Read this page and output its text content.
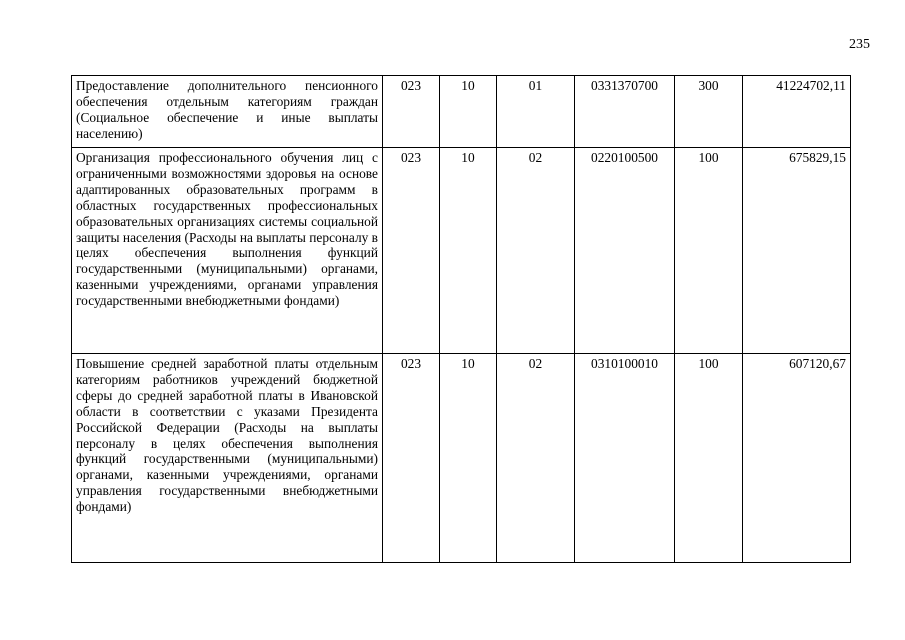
235
Предоставление дополнительного пенсионного обеспечения отдельным категориям граждан (Социальное обеспечение и иные выплаты населению)	023	10	01	0331370700	300	41224702,11
Организация профессионального обучения лиц с ограниченными возможностями здоровья на основе адаптированных образовательных программ в областных государственных профессиональных образовательных организациях системы социальной защиты населения (Расходы на выплаты персоналу в целях обеспечения выполнения функций государственными (муниципальными) органами, казенными учреждениями, органами управления государственными внебюджетными фондами)	023	10	02	0220100500	100	675829,15
Повышение средней заработной платы отдельным категориям работников учреждений бюджетной сферы до средней заработной платы в Ивановской области в соответствии с указами Президента Российской Федерации (Расходы на выплаты персоналу в целях обеспечения выполнения функций государственными (муниципальными) органами, казенными учреждениями, органами управления государственными внебюджетными фондами)	023	10	02	0310100010	100	607120,67
